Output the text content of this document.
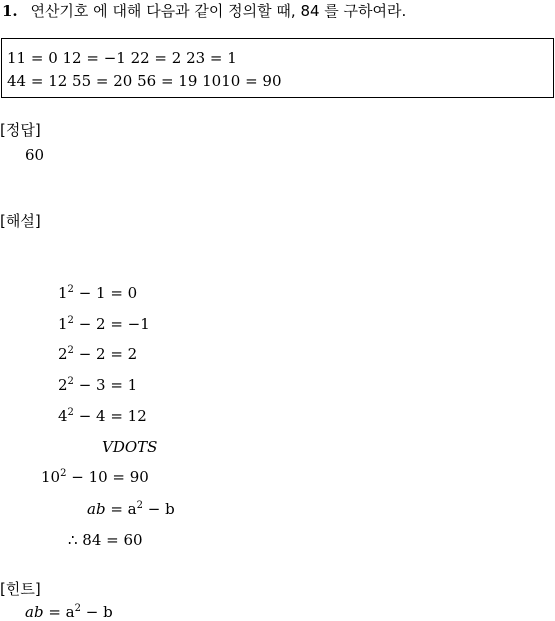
1. 연산기호 에 대해 다음과 같이 정의할 때, 84 를 구하여라.
11 = 0 12 = −1 22 = 2 23 = 1
44 = 12 55 = 20 56 = 19 1010 = 90
[정답]
60
[해설]
$1^2 - 1 = 0$
$1^2 - 2 = -1$
$2^2 - 2 = 2$
$2^2 - 3 = 1$
$4^2 - 4 = 12$
VDOTS
$10^2 - 10 = 90$
ab = $a^2 - b$
∴ 84 = 60
[힌트]
ab = $a^2 - b$
